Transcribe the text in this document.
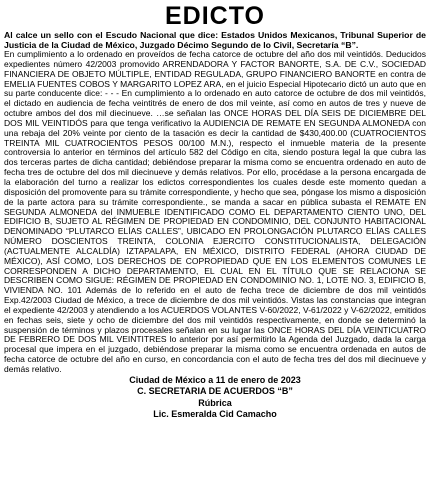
EDICTO

Al calce un sello con el Escudo Nacional que dice: Estados Unidos Mexicanos, Tribunal Superior de Justicia de la Ciudad de México, Juzgado Décimo Segundo de lo Civil, Secretaría “B”.

En cumplimiento a lo ordenado en proveídos de fecha catorce de octubre del año dos mil veintidós. Deducidos expedientes número 42/2003 promovido ARRENDADORA Y FACTOR BANORTE, S.A. DE C.V., SOCIEDAD FINANCIERA DE OBJETO MÚLTIPLE, ENTIDAD REGULADA, GRUPO FINANCIERO BANORTE en contra de EMELIA FUENTES COBOS Y MARGARITO LOPEZ ARA, en el juicio Especial Hipotecario dictó un auto que en su parte conducente dice: - - - En cumplimiento a lo ordenado en auto catorce de octubre de dos mil veintidós, el dictado en audiencia de fecha veintitrés de enero de dos mil veinte, así como en autos de tres y nueve de octubre ambos del dos mil diecinueve. …se señalan las ONCE HORAS DEL DÍA SEIS DE DICIEMBRE DEL DOS MIL VEINTIDÓS para que tenga verificativo la AUDIENCIA DE REMATE EN SEGUNDA ALMONEDA con una rebaja del 20% veinte por ciento de la tasación es decir la cantidad de $430,400.00 (CUATROCIENTOS TREINTA MIL CUATROCIENTOS PESOS 00/100 M.N.), respecto el inmueble materia de la presente controversia lo anterior en términos del artículo 582 del Código en cita, siendo postura legal la que cubra las dos terceras partes de dicha cantidad; debiéndose preparar la misma como se encuentra ordenado en auto de fecha tres de octubre del dos mil diecinueve y demás relativos. Por ello, procédase a la persona encargada de la elaboración del turno a realizar los edictos correspondientes los cuales desde este momento quedan a disposición del promovente para su trámite correspondiente, y hecho que sea, póngase los mismo a disposición de la parte actora para su trámite correspondiente., se manda a sacar en pública subasta el REMATE EN SEGUNDA ALMONEDA del INMUEBLE IDENTIFICADO COMO EL DEPARTAMENTO CIENTO UNO, DEL EDIFICIO B, SUJETO AL RÉGIMEN DE PROPIEDAD EN CONDOMINIO, DEL CONJUNTO HABITACIONAL DENOMINADO “PLUTARCO ELÍAS CALLES”, UBICADO EN PROLONGACIÓN PLUTARCO ELÍAS CALLES NÚMERO DOSCIENTOS TREINTA, COLONIA EJERCITO CONSTITUCIONALISTA, DELEGACIÓN (ACTUALMENTE ALCALDÍA) IZTAPALAPA, EN MÉXICO, DISTRITO FEDERAL (AHORA CIUDAD DE MÉXICO), ASÍ COMO, LOS DERECHOS DE COPROPIEDAD QUE EN LOS ELEMENTOS COMUNES LE CORRESPONDEN A DICHO DEPARTAMENTO, EL CUAL EN EL TÍTULO QUE SE RELACIONA SE DESCRIBEN COMO SIGUE: RÉGIMEN DE PROPIEDAD EN CONDOMINIO NO. 1, LOTE NO. 3, EDIFICIO B, VIVIENDA NO. 101 Además de lo referido en el auto de fecha trece de diciembre de dos mil veintidós Exp.42/2003 Ciudad de México, a trece de diciembre de dos mil veintidós. Vistas las constancias que integran el expediente 42/2003 y atendiendo a los ACUERDOS VOLANTES V-60/2022, V-61/2022 y V-62/2022, emitidos en fechas seis, siete y ocho de diciembre del dos mil veintidós respectivamente, en donde se determinó la suspensión de términos y plazos procesales señalan en su lugar las ONCE HORAS DEL DÍA VEINTICUATRO DE FEBRERO DE DOS MIL VEINTITRES lo anterior por así permitirlo la Agenda del Juzgado, dada la carga procesal que impera en el juzgado, debiéndose preparar la misma como se encuentra ordenada en autos de fecha catorce de octubre del año en curso, en concordancia con el auto de fecha tres del dos mil diecinueve y demás relativo.

Ciudad de México a 11 de enero de 2023

C. SECRETARIA DE ACUERDOS “B”

Rúbrica

Lic. Esmeralda Cid Camacho
